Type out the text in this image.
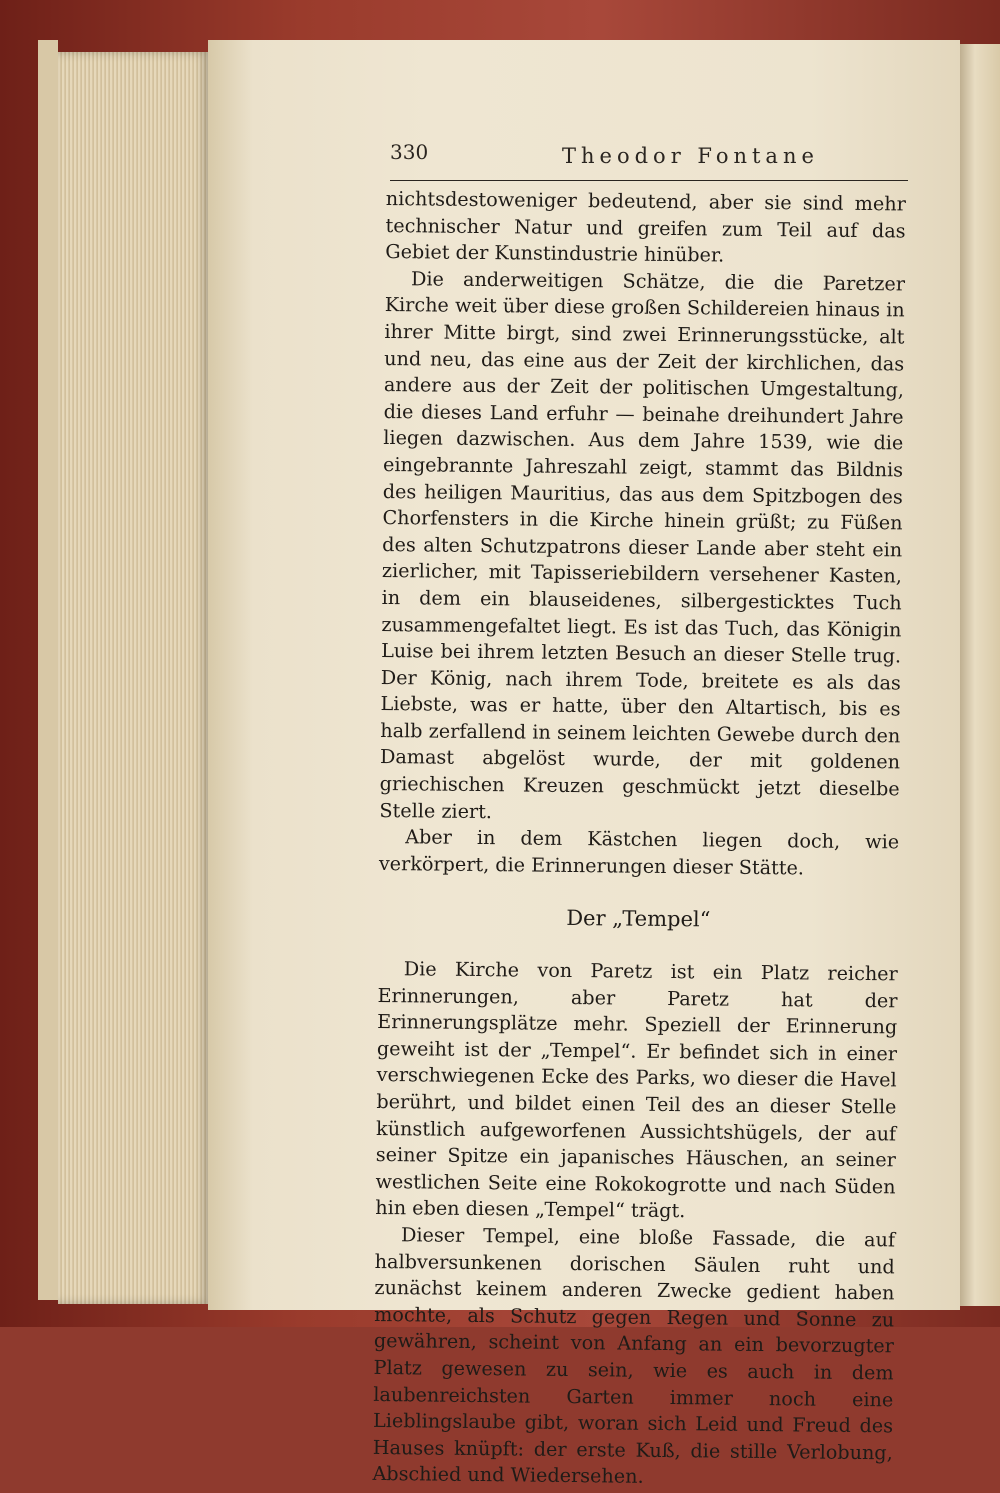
330	Theodor Fontane

nichtsdestoweniger bedeutend, aber sie sind mehr technischer Natur und greifen zum Teil auf das Gebiet der Kunstindustrie hinüber.

Die anderweitigen Schätze, die die Paretzer Kirche weit über diese großen Schildereien hinaus in ihrer Mitte birgt, sind zwei Erinnerungsstücke, alt und neu, das eine aus der Zeit der kirchlichen, das andere aus der Zeit der politischen Umgestaltung, die dieses Land erfuhr — beinahe dreihundert Jahre liegen dazwischen. Aus dem Jahre 1539, wie die eingebrannte Jahreszahl zeigt, stammt das Bildnis des heiligen Mauritius, das aus dem Spitzbogen des Chorfensters in die Kirche hinein grüßt; zu Füßen des alten Schutzpatrons dieser Lande aber steht ein zierlicher, mit Tapisseriebildern versehener Kasten, in dem ein blauseidenes, silbergesticktes Tuch zusammengefaltet liegt. Es ist das Tuch, das Königin Luise bei ihrem letzten Besuch an dieser Stelle trug. Der König, nach ihrem Tode, breitete es als das Liebste, was er hatte, über den Altartisch, bis es halb zerfallend in seinem leichten Gewebe durch den Damast abgelöst wurde, der mit goldenen griechischen Kreuzen geschmückt jetzt dieselbe Stelle ziert.

Aber in dem Kästchen liegen doch, wie verkörpert, die Erinnerungen dieser Stätte.

Der „Tempel“

Die Kirche von Paretz ist ein Platz reicher Erinnerungen, aber Paretz hat der Erinnerungsplätze mehr. Speziell der Erinnerung geweiht ist der „Tempel“. Er befindet sich in einer verschwiegenen Ecke des Parks, wo dieser die Havel berührt, und bildet einen Teil des an dieser Stelle künstlich aufgeworfenen Aussichtshügels, der auf seiner Spitze ein japanisches Häuschen, an seiner westlichen Seite eine Rokokogrotte und nach Süden hin eben diesen „Tempel“ trägt.

Dieser Tempel, eine bloße Fassade, die auf halbversunkenen dorischen Säulen ruht und zunächst keinem anderen Zwecke gedient haben mochte, als Schutz gegen Regen und Sonne zu gewähren, scheint von Anfang an ein bevorzugter Platz gewesen zu sein, wie es auch in dem laubenreichsten Garten immer noch eine Lieblingslaube gibt, woran sich Leid und Freud des Hauses knüpft: der erste Kuß, die stille Verlobung, Abschied und Wiedersehen.
